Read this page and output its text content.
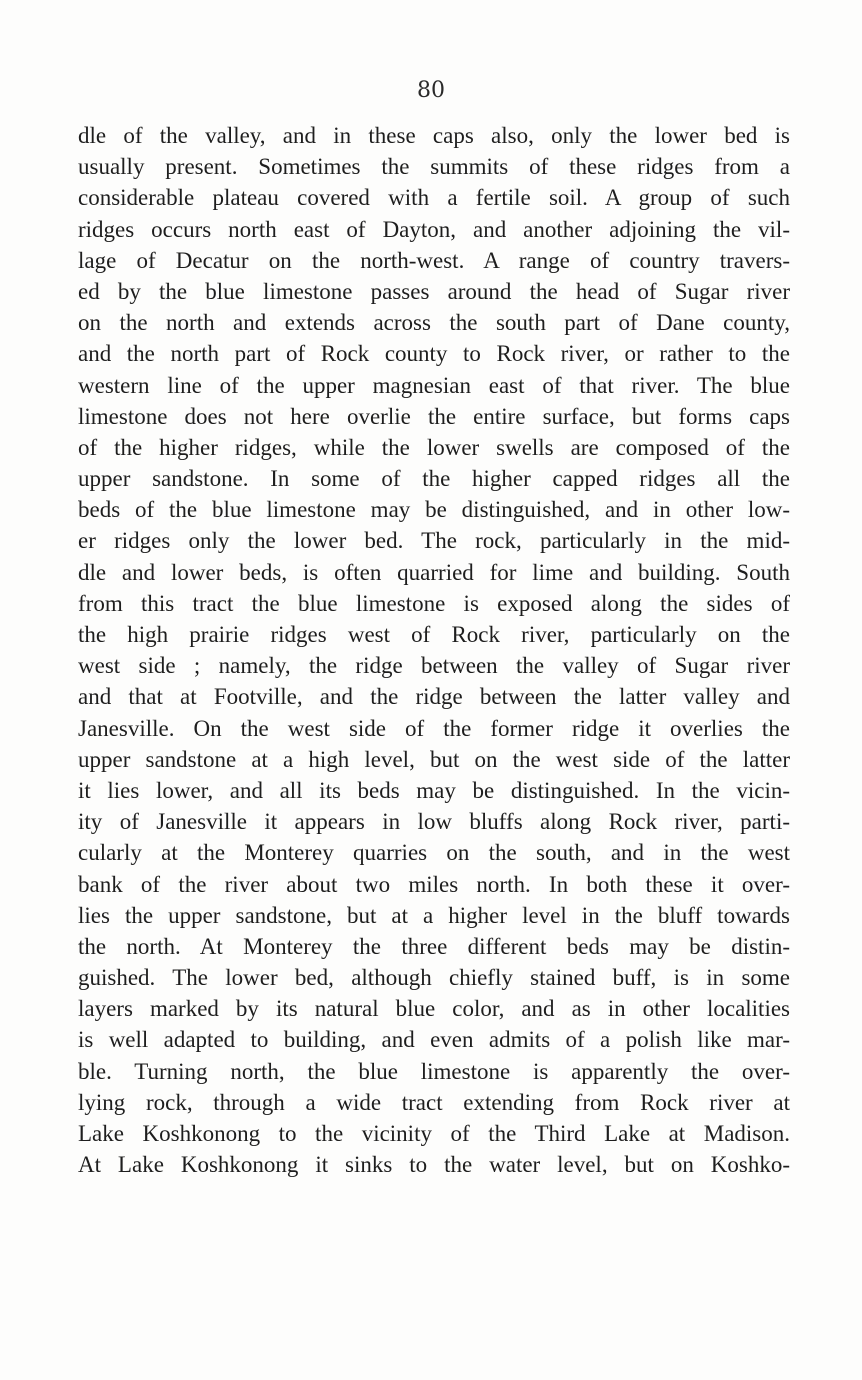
80
dle of the valley, and in these caps also, only the lower bed is
usually present. Sometimes the summits of these ridges from a
considerable plateau covered with a fertile soil. A group of such
ridges occurs north east of Dayton, and another adjoining the vil-
lage of Decatur on the north-west. A range of country travers-
ed by the blue limestone passes around the head of Sugar river
on the north and extends across the south part of Dane county,
and the north part of Rock county to Rock river, or rather to the
western line of the upper magnesian east of that river. The blue
limestone does not here overlie the entire surface, but forms caps
of the higher ridges, while the lower swells are composed of the
upper sandstone. In some of the higher capped ridges all the
beds of the blue limestone may be distinguished, and in other low-
er ridges only the lower bed. The rock, particularly in the mid-
dle and lower beds, is often quarried for lime and building. South
from this tract the blue limestone is exposed along the sides of
the high prairie ridges west of Rock river, particularly on the
west side ; namely, the ridge between the valley of Sugar river
and that at Footville, and the ridge between the latter valley and
Janesville. On the west side of the former ridge it overlies the
upper sandstone at a high level, but on the west side of the latter
it lies lower, and all its beds may be distinguished. In the vicin-
ity of Janesville it appears in low bluffs along Rock river, parti-
cularly at the Monterey quarries on the south, and in the west
bank of the river about two miles north. In both these it over-
lies the upper sandstone, but at a higher level in the bluff towards
the north. At Monterey the three different beds may be distin-
guished. The lower bed, although chiefly stained buff, is in some
layers marked by its natural blue color, and as in other localities
is well adapted to building, and even admits of a polish like mar-
ble. Turning north, the blue limestone is apparently the over-
lying rock, through a wide tract extending from Rock river at
Lake Koshkonong to the vicinity of the Third Lake at Madison.
At Lake Koshkonong it sinks to the water level, but on Koshko-
